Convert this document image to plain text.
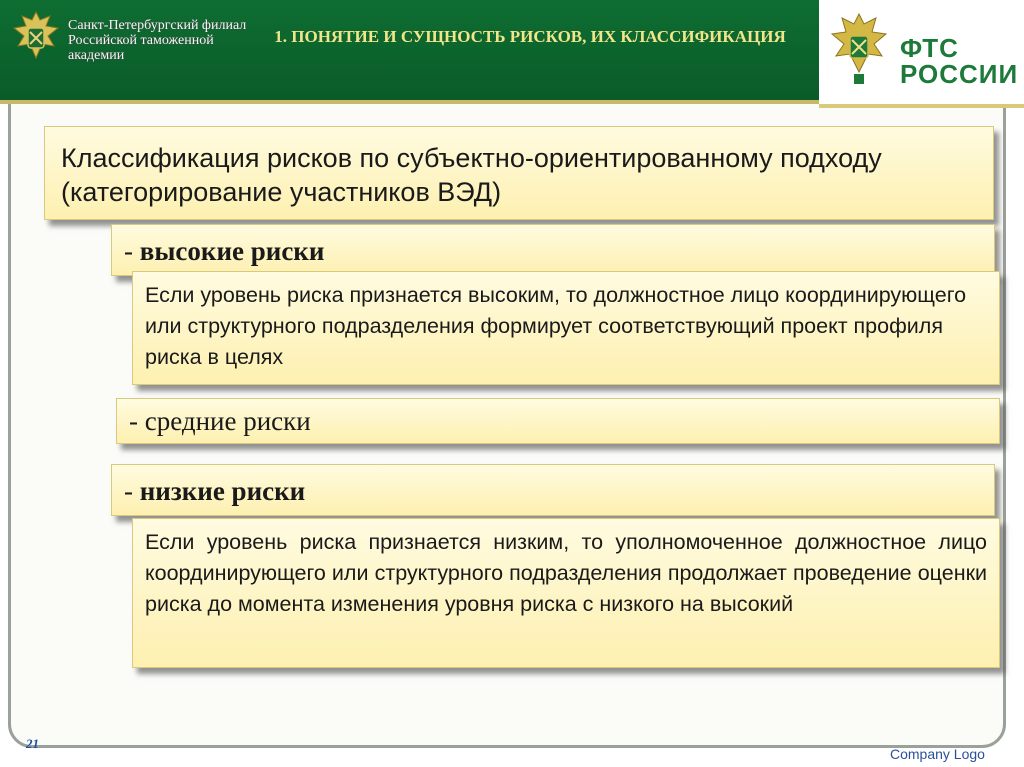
Санкт-Петербургский филиал Российской таможенной академии
1. ПОНЯТИЕ И СУЩНОСТЬ РИСКОВ, ИХ КЛАССИФИКАЦИЯ	ФТС РОССИИ
Классификация рисков по субъектно-ориентированному подходу (категорирование участников ВЭД)
- высокие риски
Если уровень риска признается высоким, то должностное лицо координирующего или структурного подразделения формирует соответствующий проект профиля риска в целях
- средние риски
- низкие риски
Если уровень риска признается низким, то уполномоченное должностное лицо координирующего или структурного подразделения продолжает проведение оценки риска до момента изменения уровня риска с низкого на высокий
21
Company Logo
